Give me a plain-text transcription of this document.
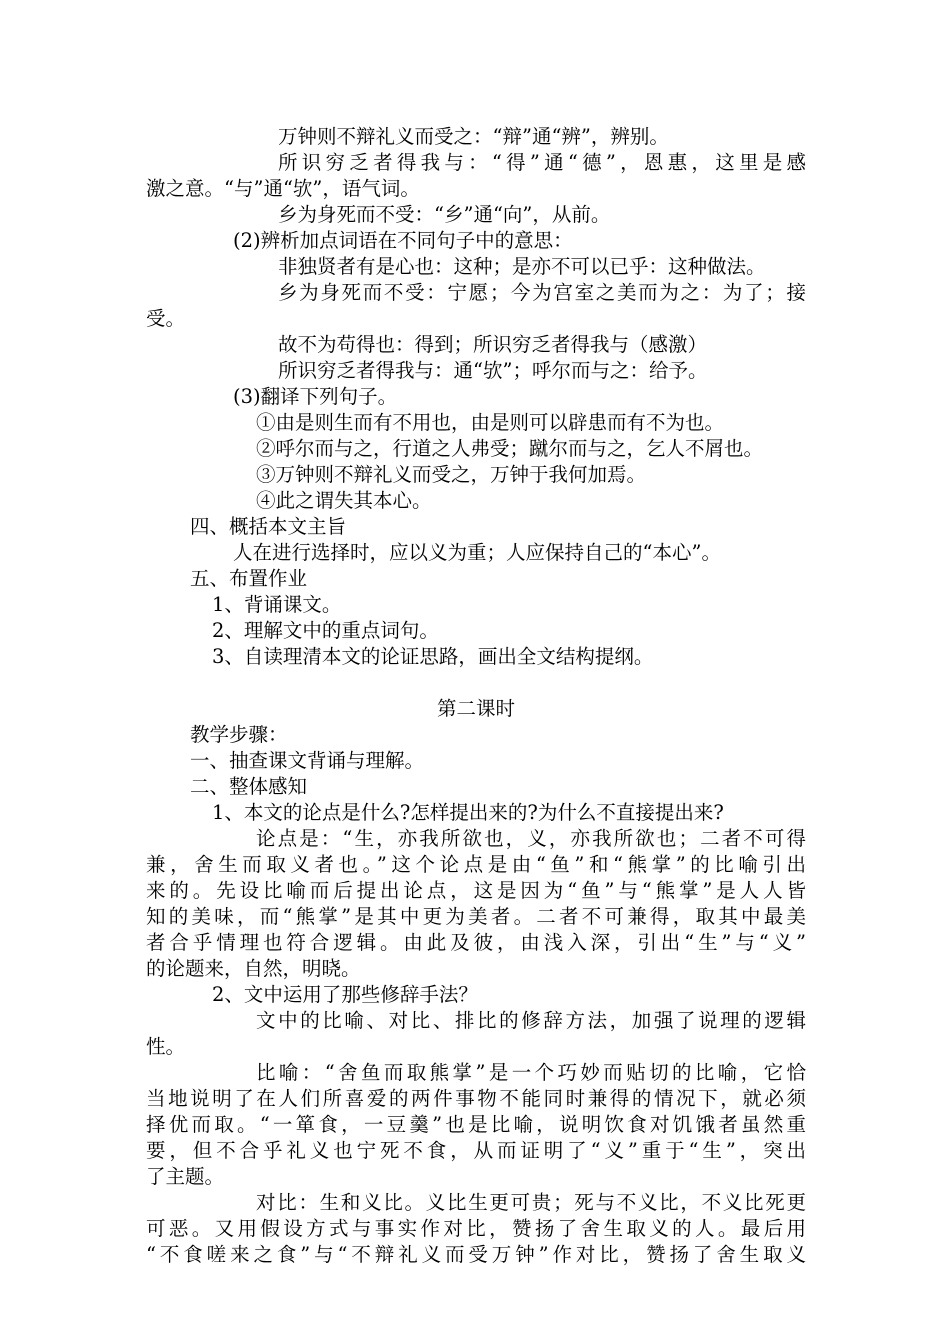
万钟则不辩礼义而受之：“辩”通“辨”，辨别。
所识穷乏者得我与：“得”通“德”，恩惠，这里是感
激之意。“与”通“欤”，语气词。
乡为身死而不受：“乡”通“向”，从前。
(2)辨析加点词语在不同句子中的意思：
非独贤者有是心也：这种；是亦不可以已乎：这种做法。
乡为身死而不受：宁愿；今为宫室之美而为之：为了；接
受。
故不为苟得也：得到；所识穷乏者得我与（感激）
所识穷乏者得我与：通“欤”；呼尔而与之：给予。
(3)翻译下列句子。
①由是则生而有不用也，由是则可以辟患而有不为也。
②呼尔而与之，行道之人弗受；蹴尔而与之，乞人不屑也。
③万钟则不辩礼义而受之，万钟于我何加焉。
④此之谓失其本心。
四、概括本文主旨
人在进行选择时，应以义为重；人应保持自己的“本心”。
五、布置作业
1、背诵课文。
2、理解文中的重点词句。
3、自读理清本文的论证思路，画出全文结构提纲。
第二课时
教学步骤：
一、抽查课文背诵与理解。
二、整体感知
1、本文的论点是什么?怎样提出来的?为什么不直接提出来?
论点是：“生，亦我所欲也，义，亦我所欲也；二者不可得
兼，舍生而取义者也。”这个论点是由“鱼”和“熊掌”的比喻引出
来的。先设比喻而后提出论点，这是因为“鱼”与“熊掌”是人人皆
知的美味，而“熊掌”是其中更为美者。二者不可兼得，取其中最美
者合乎情理也符合逻辑。由此及彼，由浅入深，引出“生”与“义”
的论题来，自然，明晓。
2、文中运用了那些修辞手法？
文中的比喻、对比、排比的修辞方法，加强了说理的逻辑
性。
比喻：“舍鱼而取熊掌”是一个巧妙而贴切的比喻，它恰
当地说明了在人们所喜爱的两件事物不能同时兼得的情况下，就必须
择优而取。“一箪食，一豆羹”也是比喻，说明饮食对饥饿者虽然重
要，但不合乎礼义也宁死不食，从而证明了“义”重于“生”，突出
了主题。
对比：生和义比。义比生更可贵；死与不义比，不义比死更
可恶。又用假设方式与事实作对比，赞扬了舍生取义的人。最后用
“不食嗟来之食”与“不辩礼义而受万钟”作对比，赞扬了舍生取义
